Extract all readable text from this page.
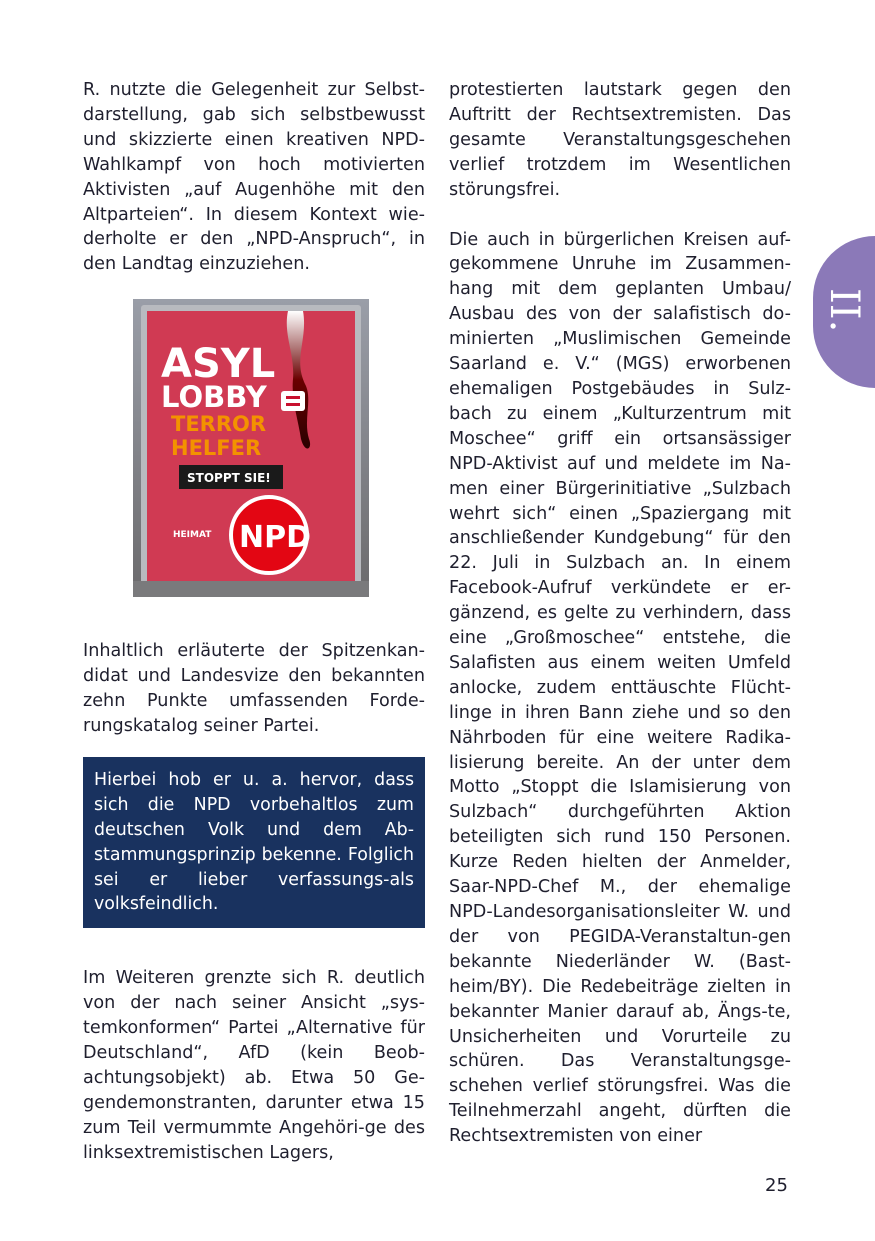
R. nutzte die Gelegenheit zur Selbst-darstellung, gab sich selbstbewusst und skizzierte einen kreativen NPD-Wahlkampf von hoch motivierten Aktivisten „auf Augenhöhe mit den Altparteien“. In diesem Kontext wie-derholte er den „NPD-Anspruch“, in den Landtag einzuziehen.

ASYL
LOBBY
TERROR
HELFER
STOPPT SIE!
HEIMAT NPD

Inhaltlich erläuterte der Spitzenkan-didat und Landesvize den bekannten zehn Punkte umfassenden Forde-rungskatalog seiner Partei.

Hierbei hob er u. a. hervor, dass sich die NPD vorbehaltlos zum deutschen Volk und dem Ab-stammungsprinzip bekenne. Folglich sei er lieber verfassungs-als volksfeindlich.

Im Weiteren grenzte sich R. deutlich von der nach seiner Ansicht „sys-temkonformen“ Partei „Alternative für Deutschland“, AfD (kein Beob-achtungsobjekt) ab. Etwa 50 Ge-gendemonstranten, darunter etwa 15 zum Teil vermummte Angehöri-ge des linksextremistischen Lagers,

protestierten lautstark gegen den Auftritt der Rechtsextremisten. Das gesamte Veranstaltungsgeschehen verlief trotzdem im Wesentlichen störungsfrei.

Die auch in bürgerlichen Kreisen auf-gekommene Unruhe im Zusammen-hang mit dem geplanten Umbau/ Ausbau des von der salafistisch do-minierten „Muslimischen Gemeinde Saarland e. V.“ (MGS) erworbenen ehemaligen Postgebäudes in Sulz-bach zu einem „Kulturzentrum mit Moschee“ griff ein ortsansässiger NPD-Aktivist auf und meldete im Na-men einer Bürgerinitiative „Sulzbach wehrt sich“ einen „Spaziergang mit anschließender Kundgebung“ für den 22. Juli in Sulzbach an. In einem Facebook-Aufruf verkündete er er-gänzend, es gelte zu verhindern, dass eine „Großmoschee“ entstehe, die Salafisten aus einem weiten Umfeld anlocke, zudem enttäuschte Flücht-linge in ihren Bann ziehe und so den Nährboden für eine weitere Radika-lisierung bereite. An der unter dem Motto „Stoppt die Islamisierung von Sulzbach“ durchgeführten Aktion beteiligten sich rund 150 Personen. Kurze Reden hielten der Anmelder, Saar-NPD-Chef M., der ehemalige NPD-Landesorganisationsleiter W. und der von PEGIDA-Veranstaltun-gen bekannte Niederländer W. (Bast-heim/BY). Die Redebeiträge zielten in bekannter Manier darauf ab, Ängs-te, Unsicherheiten und Vorurteile zu schüren. Das Veranstaltungsge-schehen verlief störungsfrei. Was die Teilnehmerzahl angeht, dürften die Rechtsextremisten von einer

II.
25
